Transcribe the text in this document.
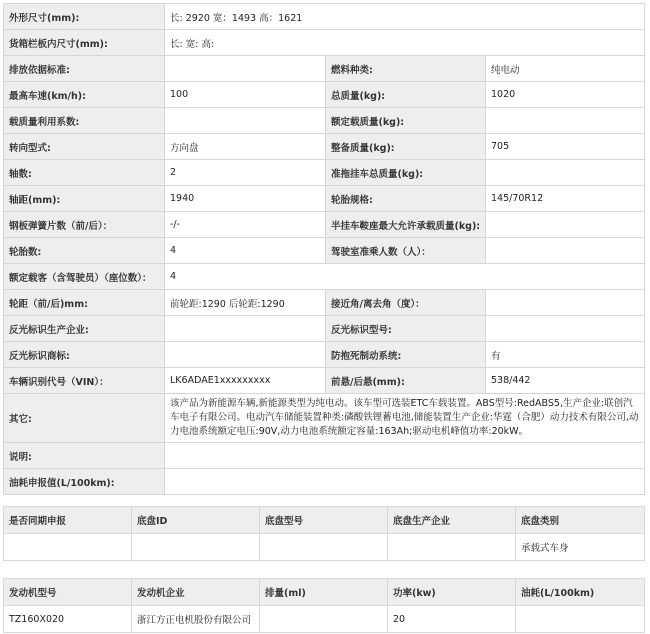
外形尺寸(mm):	长: 2920 宽：1493 高：1621		
货箱栏板内尺寸(mm):	长: 宽: 高:		
排放依据标准:		燃料种类:	纯电动
最高车速(km/h):	100	总质量(kg):	1020
载质量利用系数:		额定载质量(kg):	
转向型式:	方向盘	整备质量(kg):	705
轴数:	2	准拖挂车总质量(kg):	
轴距(mm):	1940	轮胎规格:	145/70R12
钢板弹簧片数（前/后）：	-/-	半挂车鞍座最大允许承载质量(kg):	
轮胎数:	4	驾驶室准乘人数（人）：	
额定载客（含驾驶员）（座位数）：	4		
轮距（前/后)mm:	前轮距:1290 后轮距:1290	接近角/离去角（度）：	
反光标识生产企业:		反光标识型号:	
反光标识商标:		防抱死制动系统:	有
车辆识别代号（VIN）：	LK6ADAE1xxxxxxxxx	前悬/后悬(mm):	538/442
其它:	该产品为新能源车辆,新能源类型为纯电动。该车型可选装ETC车载装置。ABS型号:RedABS5,生产企业:联创汽车电子有限公司。电动汽车储能装置种类:磷酸铁锂蓄电池,储能装置生产企业:华霆（合肥）动力技术有限公司,动力电池系统额定电压:90V,动力电池系统额定容量:163Ah;驱动电机峰值功率:20kW。		
说明:			
油耗申报值(L/100km):			
是否同期申报	底盘ID	底盘型号	底盘生产企业	底盘类别
				承载式车身
发动机型号	发动机企业	排量(ml)	功率(kw)	油耗(L/100km)
TZ160X020	浙江方正电机股份有限公司		20	
